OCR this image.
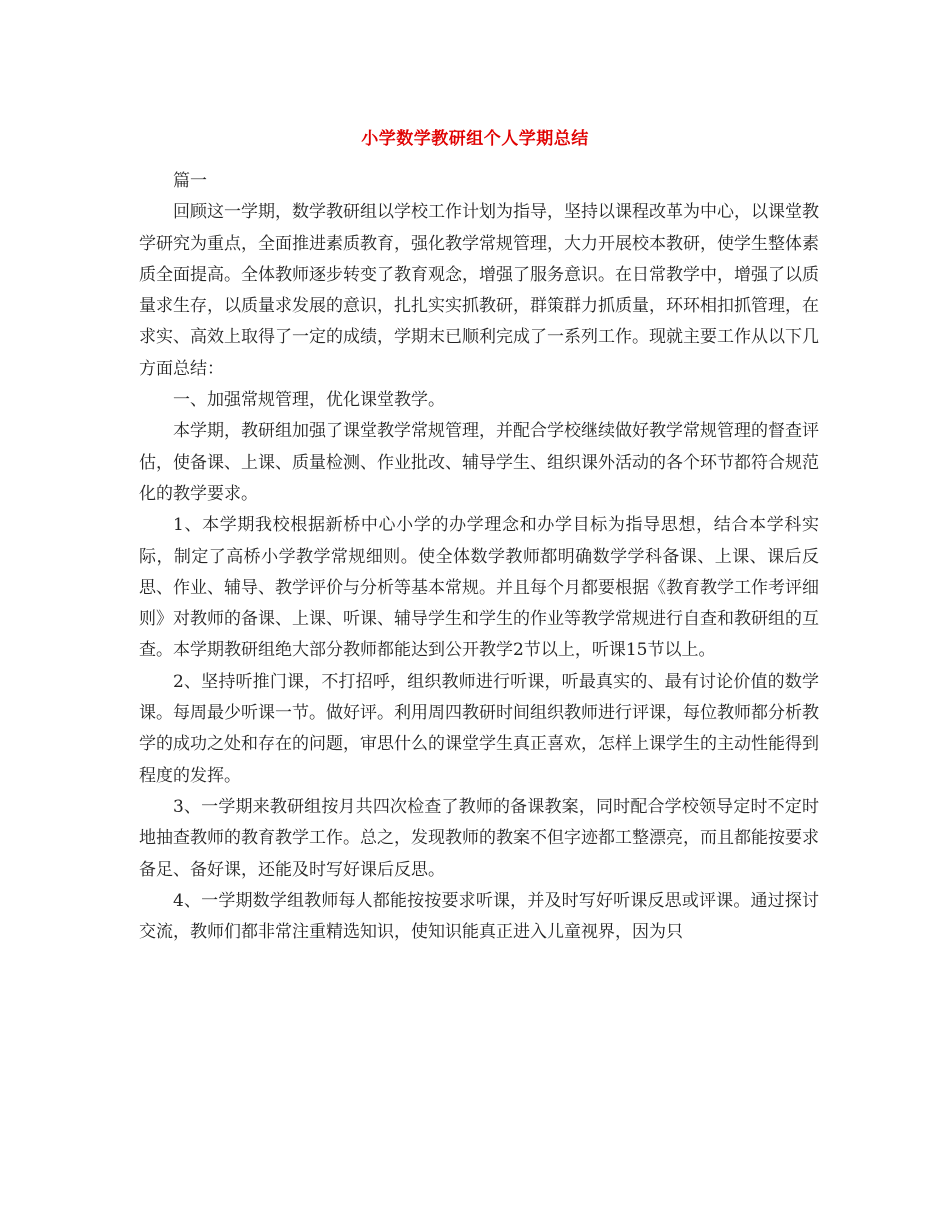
小学数学教研组个人学期总结

篇一

回顾这一学期，数学教研组以学校工作计划为指导，坚持以课程改革为中心，以课堂教学研究为重点，全面推进素质教育，强化教学常规管理，大力开展校本教研，使学生整体素质全面提高。全体教师逐步转变了教育观念，增强了服务意识。在日常教学中，增强了以质量求生存，以质量求发展的意识，扎扎实实抓教研，群策群力抓质量，环环相扣抓管理，在求实、高效上取得了一定的成绩，学期末已顺利完成了一系列工作。现就主要工作从以下几方面总结：

一、加强常规管理，优化课堂教学。

本学期，教研组加强了课堂教学常规管理，并配合学校继续做好教学常规管理的督查评估，使备课、上课、质量检测、作业批改、辅导学生、组织课外活动的各个环节都符合规范化的教学要求。

1、本学期我校根据新桥中心小学的办学理念和办学目标为指导思想，结合本学科实际，制定了高桥小学教学常规细则。使全体数学教师都明确数学学科备课、上课、课后反思、作业、辅导、教学评价与分析等基本常规。并且每个月都要根据《教育教学工作考评细则》对教师的备课、上课、听课、辅导学生和学生的作业等教学常规进行自查和教研组的互查。本学期教研组绝大部分教师都能达到公开教学2节以上，听课15节以上。

2、坚持听推门课，不打招呼，组织教师进行听课，听最真实的、最有讨论价值的数学课。每周最少听课一节。做好评。利用周四教研时间组织教师进行评课，每位教师都分析教学的成功之处和存在的问题，审思什么的课堂学生真正喜欢，怎样上课学生的主动性能得到程度的发挥。

3、一学期来教研组按月共四次检查了教师的备课教案，同时配合学校领导定时不定时地抽查教师的教育教学工作。总之，发现教师的教案不但字迹都工整漂亮，而且都能按要求备足、备好课，还能及时写好课后反思。

4、一学期数学组教师每人都能按按要求听课，并及时写好听课反思或评课。通过探讨交流，教师们都非常注重精选知识，使知识能真正进入儿童视界，因为只
